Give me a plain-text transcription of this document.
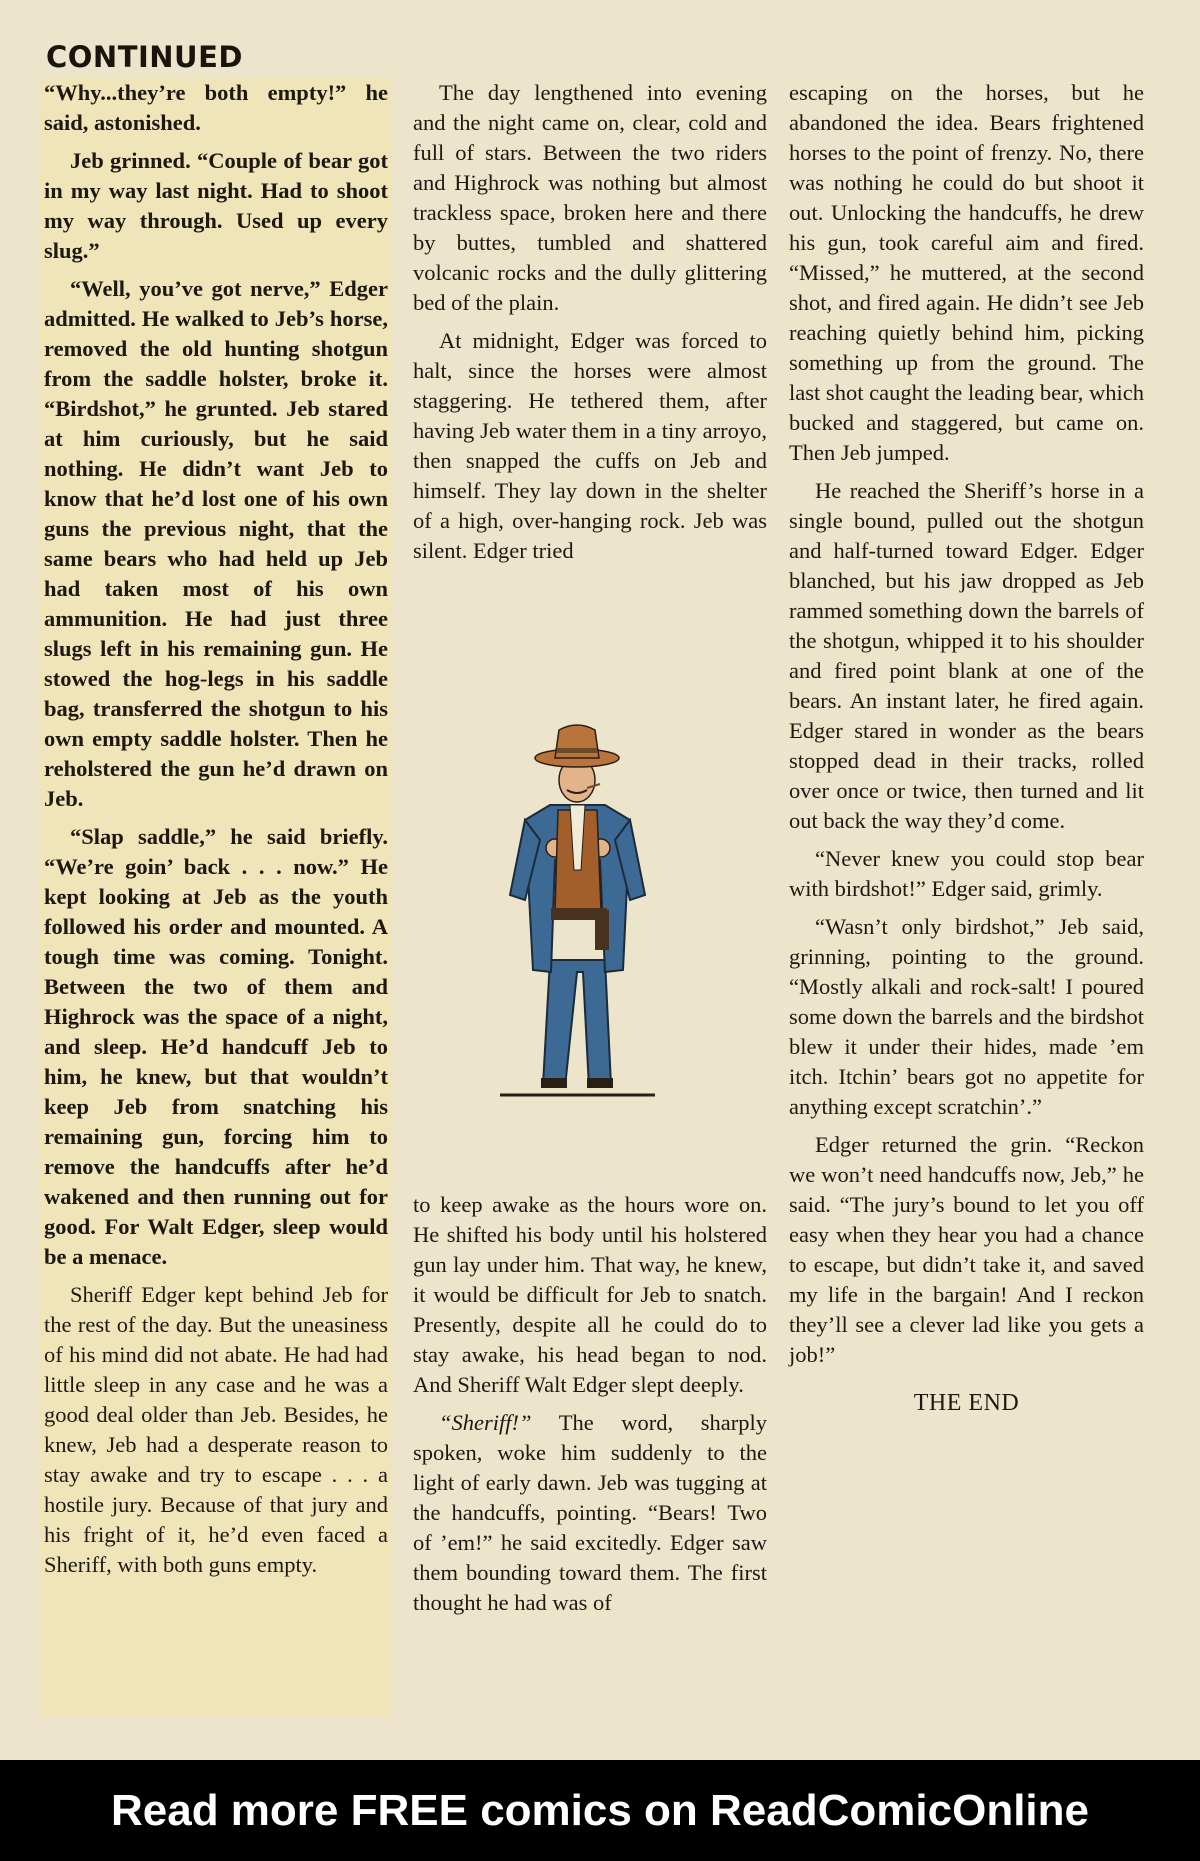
CONTINUED

“Why...they’re both empty!” he said, astonished.

Jeb grinned. “Couple of bear got in my way last night. Had to shoot my way through. Used up every slug.”

“Well, you’ve got nerve,” Edger admitted. He walked to Jeb’s horse, removed the old hunting shotgun from the saddle holster, broke it. “Birdshot,” he grunted. Jeb stared at him curiously, but he said nothing. He didn’t want Jeb to know that he’d lost one of his own guns the previous night, that the same bears who had held up Jeb had taken most of his own ammunition. He had just three slugs left in his remaining gun. He stowed the hog-legs in his saddle bag, transferred the shotgun to his own empty saddle holster. Then he reholstered the gun he’d drawn on Jeb.

“Slap saddle,” he said briefly. “We’re goin’ back . . . now.” He kept looking at Jeb as the youth followed his order and mounted. A tough time was coming. Tonight. Between the two of them and Highrock was the space of a night, and sleep. He’d handcuff Jeb to him, he knew, but that wouldn’t keep Jeb from snatching his remaining gun, forcing him to remove the handcuffs after he’d wakened and then running out for good. For Walt Edger, sleep would be a menace.

Sheriff Edger kept behind Jeb for the rest of the day. But the uneasiness of his mind did not abate. He had had little sleep in any case and he was a good deal older than Jeb. Besides, he knew, Jeb had a desperate reason to stay awake and try to escape . . . a hostile jury. Because of that jury and his fright of it, he’d even faced a Sheriff, with both guns empty.

The day lengthened into evening and the night came on, clear, cold and full of stars. Between the two riders and Highrock was nothing but almost trackless space, broken here and there by buttes, tumbled and shattered volcanic rocks and the dully glittering bed of the plain.

At midnight, Edger was forced to halt, since the horses were almost staggering. He tethered them, after having Jeb water them in a tiny arroyo, then snapped the cuffs on Jeb and himself. They lay down in the shelter of a high, over-hanging rock. Jeb was silent. Edger tried

to keep awake as the hours wore on. He shifted his body until his holstered gun lay under him. That way, he knew, it would be difficult for Jeb to snatch. Presently, despite all he could do to stay awake, his head began to nod. And Sheriff Walt Edger slept deeply.

“Sheriff!” The word, sharply spoken, woke him suddenly to the light of early dawn. Jeb was tugging at the handcuffs, pointing. “Bears! Two of ’em!” he said excitedly. Edger saw them bounding toward them. The first thought he had was of

escaping on the horses, but he abandoned the idea. Bears frightened horses to the point of frenzy. No, there was nothing he could do but shoot it out. Unlocking the handcuffs, he drew his gun, took careful aim and fired. “Missed,” he muttered, at the second shot, and fired again. He didn’t see Jeb reaching quietly behind him, picking something up from the ground. The last shot caught the leading bear, which bucked and staggered, but came on. Then Jeb jumped.

He reached the Sheriff’s horse in a single bound, pulled out the shotgun and half-turned toward Edger. Edger blanched, but his jaw dropped as Jeb rammed something down the barrels of the shotgun, whipped it to his shoulder and fired point blank at one of the bears. An instant later, he fired again. Edger stared in wonder as the bears stopped dead in their tracks, rolled over once or twice, then turned and lit out back the way they’d come.

“Never knew you could stop bear with birdshot!” Edger said, grimly.

“Wasn’t only birdshot,” Jeb said, grinning, pointing to the ground. “Mostly alkali and rock-salt! I poured some down the barrels and the birdshot blew it under their hides, made ’em itch. Itchin’ bears got no appetite for anything except scratchin’.”

Edger returned the grin. “Reckon we won’t need handcuffs now, Jeb,” he said. “The jury’s bound to let you off easy when they hear you had a chance to escape, but didn’t take it, and saved my life in the bargain! And I reckon they’ll see a clever lad like you gets a job!”

THE END

Read more FREE comics on ReadComicOnline
